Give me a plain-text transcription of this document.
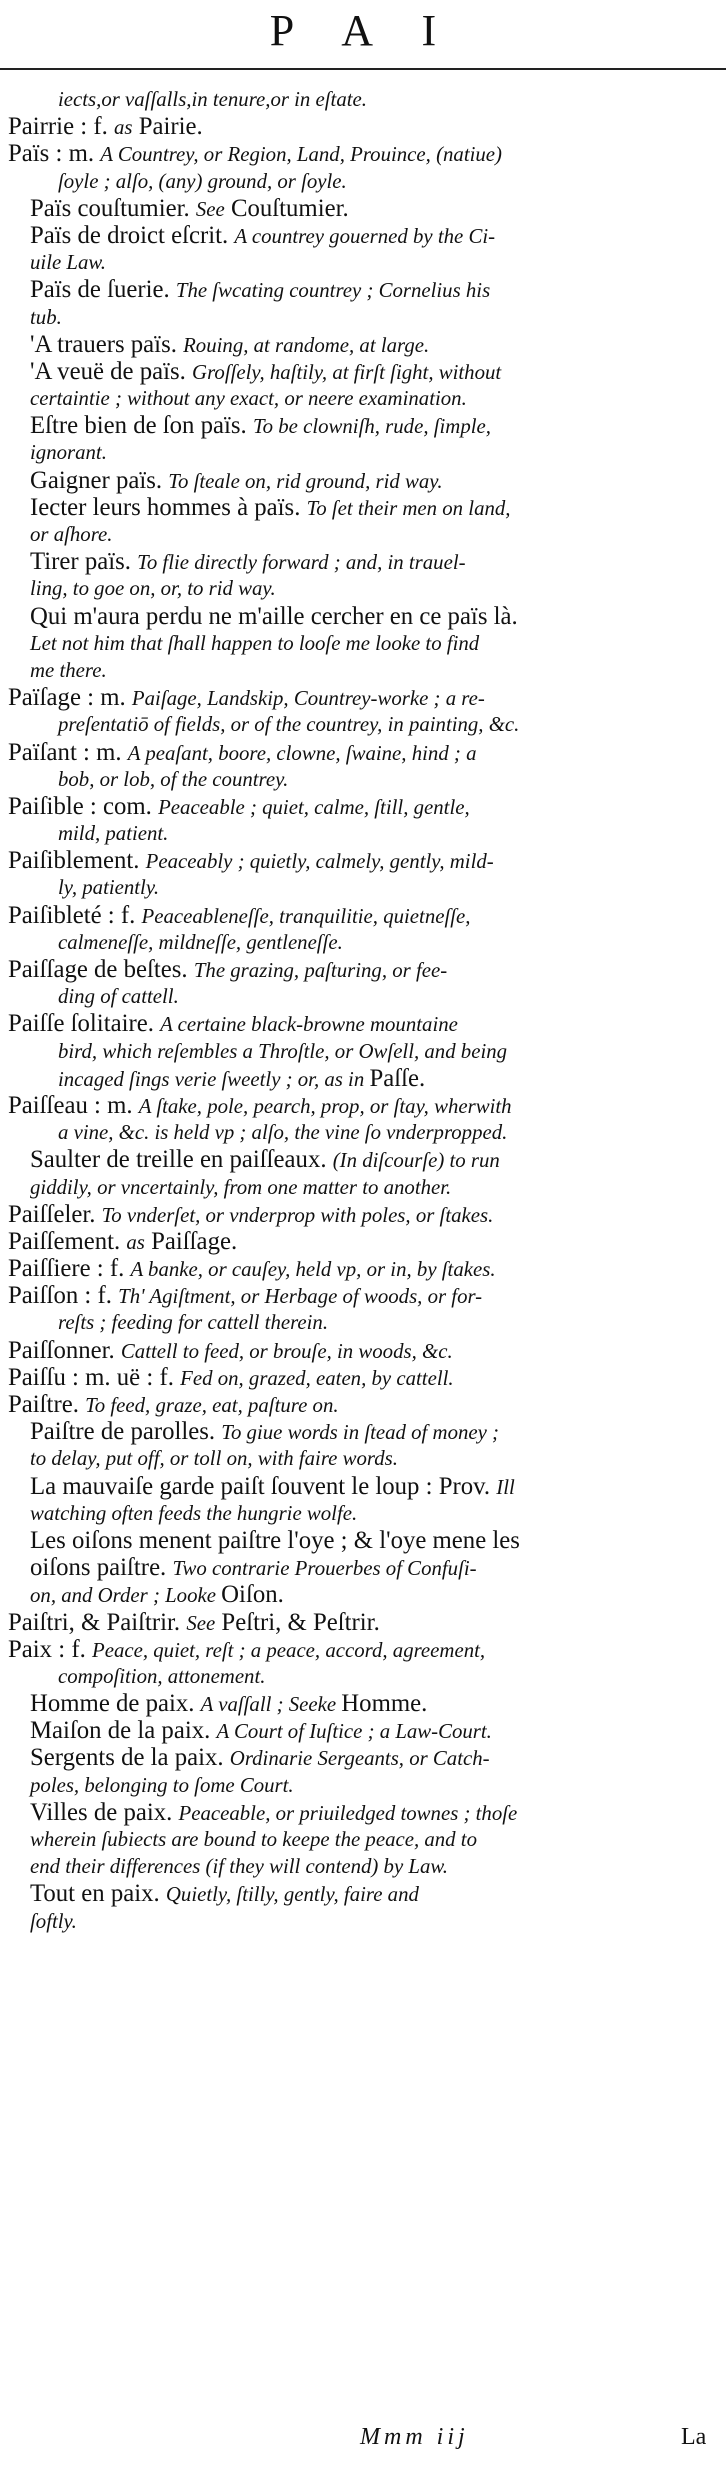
P A I
iects,or vaſſalls,in tenure,or in eſtate.
Pairrie : f. as Pairie.
Païs : m. A Countrey, or Region, Land, Prouince, (natiue)
ſoyle ; alſo, (any) ground, or ſoyle.
Païs couſtumier. See Couſtumier.
Païs de droict eſcrit. A countrey gouerned by the Ci-
uile Law.
Païs de ſuerie. The ſwcating countrey ; Cornelius his
tub.
'A trauers païs. Rouing, at randome, at large.
'A veuë de païs. Groſſely, haſtily, at firſt ſight, without
certaintie ; without any exact, or neere examination.
Eſtre bien de ſon païs. To be clowniſh, rude, ſimple,
ignorant.
Gaigner païs. To ſteale on, rid ground, rid way.
Iecter leurs hommes à païs. To ſet their men on land,
or aſhore.
Tirer païs. To flie directly forward ; and, in trauel-
ling, to goe on, or, to rid way.
Qui m'aura perdu ne m'aille cercher en ce païs là.
Let not him that ſhall happen to looſe me looke to find
me there.
Païſage : m. Paiſage, Landskip, Countrey-worke ; a re-
preſentatiō of fields, or of the countrey, in painting, &c.
Païſant : m. A peaſant, boore, clowne, ſwaine, hind ; a
bob, or lob, of the countrey.
Paiſible : com. Peaceable ; quiet, calme, ſtill, gentle,
mild, patient.
Paiſiblement. Peaceably ; quietly, calmely, gently, mild-
ly, patiently.
Paiſibleté : f. Peaceableneſſe, tranquilitie, quietneſſe,
calmeneſſe, mildneſſe, gentleneſſe.
Paiſſage de beſtes. The grazing, paſturing, or fee-
ding of cattell.
Paiſſe ſolitaire. A certaine black-browne mountaine
bird, which reſembles a Throſtle, or Owſell, and being
incaged ſings verie ſweetly ; or, as in Paſſe.
Paiſſeau : m. A ſtake, pole, pearch, prop, or ſtay, wherwith
a vine, &c. is held vp ; alſo, the vine ſo vnderpropped.
Saulter de treille en paiſſeaux. (In diſcourſe) to run
giddily, or vncertainly, from one matter to another.
Paiſſeler. To vnderſet, or vnderprop with poles, or ſtakes.
Paiſſement. as Paiſſage.
Paiſſiere : f. A banke, or cauſey, held vp, or in, by ſtakes.
Paiſſon : f. Th' Agiſtment, or Herbage of woods, or for-
reſts ; feeding for cattell therein.
Paiſſonner. Cattell to feed, or brouſe, in woods, &c.
Paiſſu : m. uë : f. Fed on, grazed, eaten, by cattell.
Paiſtre. To feed, graze, eat, paſture on.
Paiſtre de parolles. To giue words in ſtead of money ;
to delay, put off, or toll on, with faire words.
La mauvaiſe garde paiſt ſouvent le loup : Prov. Ill
watching often feeds the hungrie wolfe.
Les oiſons menent paiſtre l'oye ; & l'oye mene les
oiſons paiſtre. Two contrarie Prouerbes of Confuſi-
on, and Order ; Looke Oiſon.
Paiſtri, & Paiſtrir. See Peſtri, & Peſtrir.
Paix : f. Peace, quiet, reſt ; a peace, accord, agreement,
compoſition, attonement.
Homme de paix. A vaſſall ; Seeke Homme.
Maiſon de la paix. A Court of Iuſtice ; a Law-Court.
Sergents de la paix. Ordinarie Sergeants, or Catch-
poles, belonging to ſome Court.
Villes de paix. Peaceable, or priuiledged townes ; thoſe
wherein ſubiects are bound to keepe the peace, and to
end their differences (if they will contend) by Law.
Tout en paix. Quietly, ſtilly, gently, faire and
ſoftly.
Mmm iij	La
